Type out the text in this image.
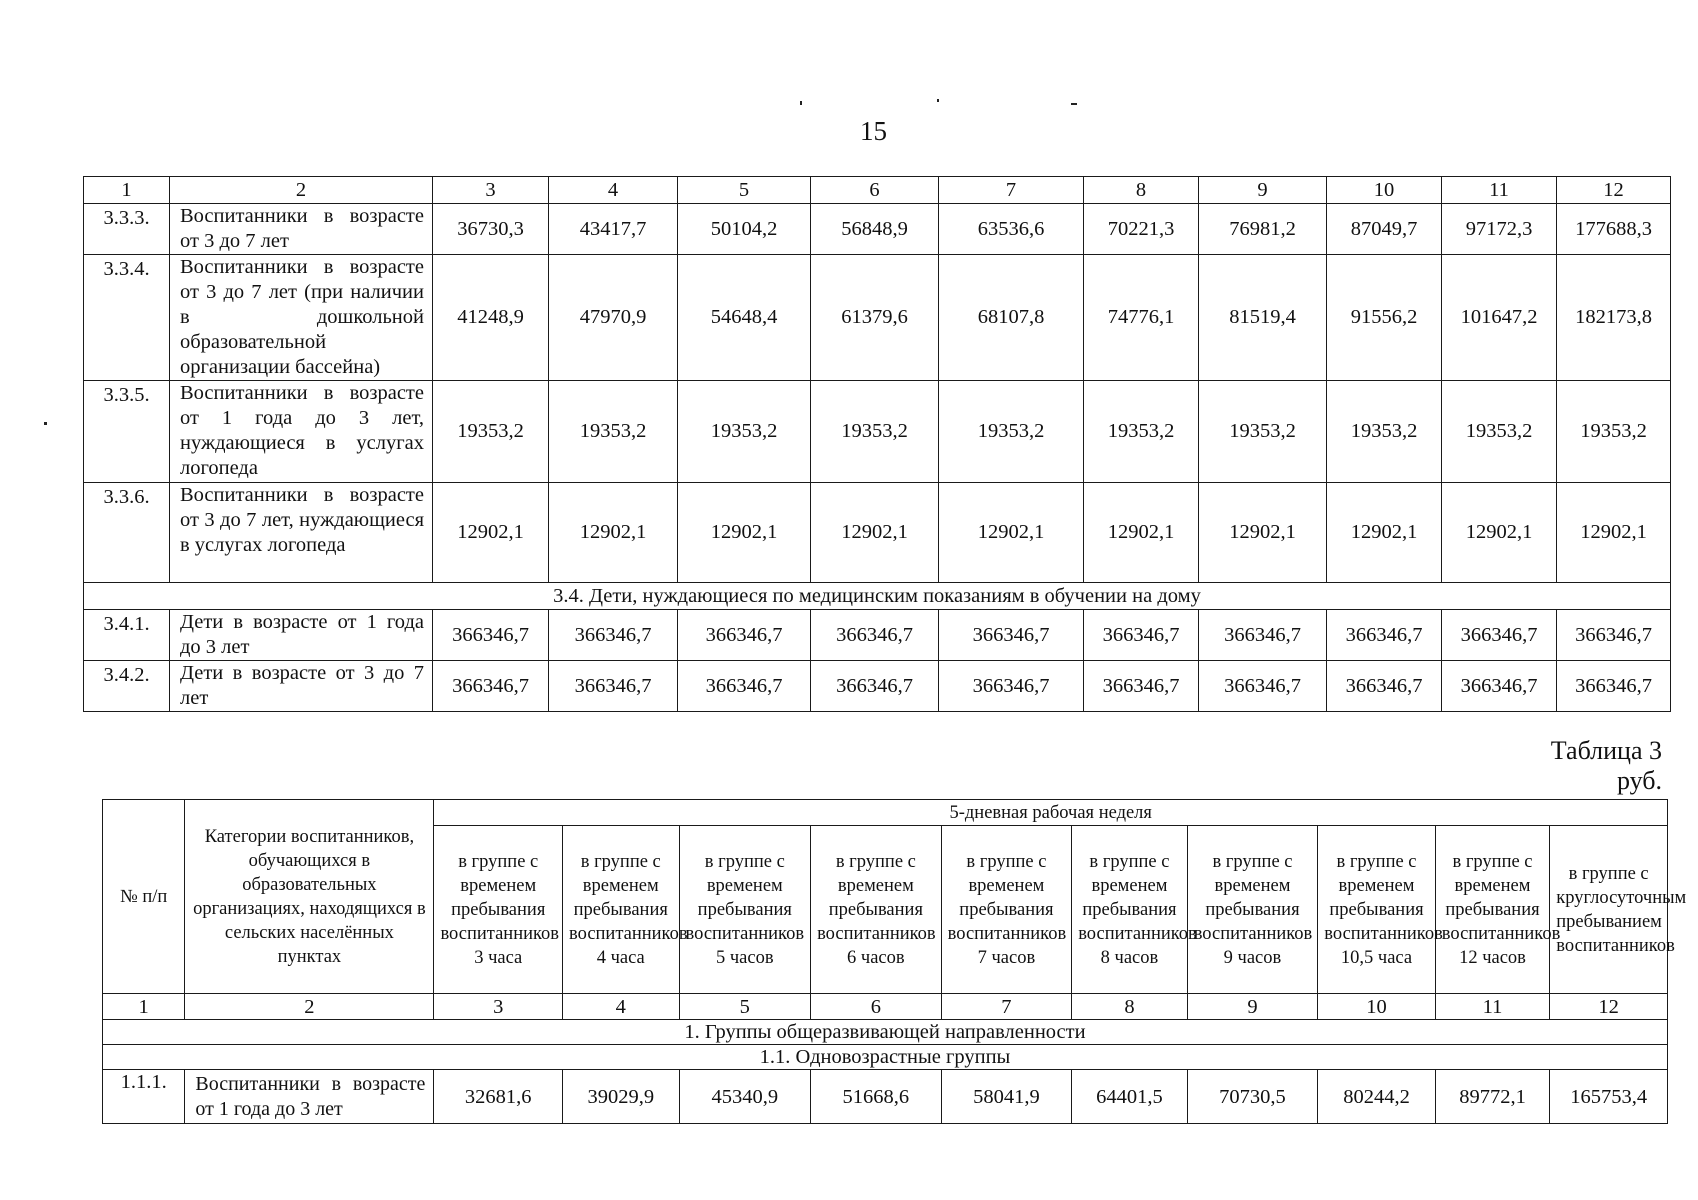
15
1	2	3	4	5	6	7	8	9	10	11	12
3.3.3.	Воспитанники в возрасте от 3 до 7 лет	36730,3	43417,7	50104,2	56848,9	63536,6	70221,3	76981,2	87049,7	97172,3	177688,3
3.3.4.	Воспитанники в возрасте от 3 до 7 лет (при наличии в дошкольной образовательной организации бассейна)	41248,9	47970,9	54648,4	61379,6	68107,8	74776,1	81519,4	91556,2	101647,2	182173,8
3.3.5.	Воспитанники в возрасте от 1 года до 3 лет, нуждающиеся в услугах логопеда	19353,2	19353,2	19353,2	19353,2	19353,2	19353,2	19353,2	19353,2	19353,2	19353,2
3.3.6.	Воспитанники в возрасте от 3 до 7 лет, нуждающиеся в услугах логопеда	12902,1	12902,1	12902,1	12902,1	12902,1	12902,1	12902,1	12902,1	12902,1	12902,1
3.4. Дети, нуждающиеся по медицинским показаниям в обучении на дому											
3.4.1.	Дети в возрасте от 1 года до 3 лет	366346,7	366346,7	366346,7	366346,7	366346,7	366346,7	366346,7	366346,7	366346,7	366346,7
3.4.2.	Дети в возрасте от 3 до 7 лет	366346,7	366346,7	366346,7	366346,7	366346,7	366346,7	366346,7	366346,7	366346,7	366346,7
Таблица 3
руб.
№ п/п	Категории воспитанников, обучающихся в образовательных организациях, находящихся в сельских населённых пунктах	5-дневная рабочая неделя									
		в группе с временем пребывания воспитанников 3 часа	в группе с временем пребывания воспитанников 4 часа	в группе с временем пребывания воспитанников 5 часов	в группе с временем пребывания воспитанников 6 часов	в группе с временем пребывания воспитанников 7 часов	в группе с временем пребывания воспитанников 8 часов	в группе с временем пребывания воспитанников 9 часов	в группе с временем пребывания воспитанников 10,5 часа	в группе с временем пребывания воспитанников 12 часов	в группе с круглосуточным пребыванием воспитанников
1	2	3	4	5	6	7	8	9	10	11	12
1. Группы общеразвивающей направленности											
1.1. Одновозрастные группы											
1.1.1.	Воспитанники в возрасте от 1 года до 3 лет	32681,6	39029,9	45340,9	51668,6	58041,9	64401,5	70730,5	80244,2	89772,1	165753,4
